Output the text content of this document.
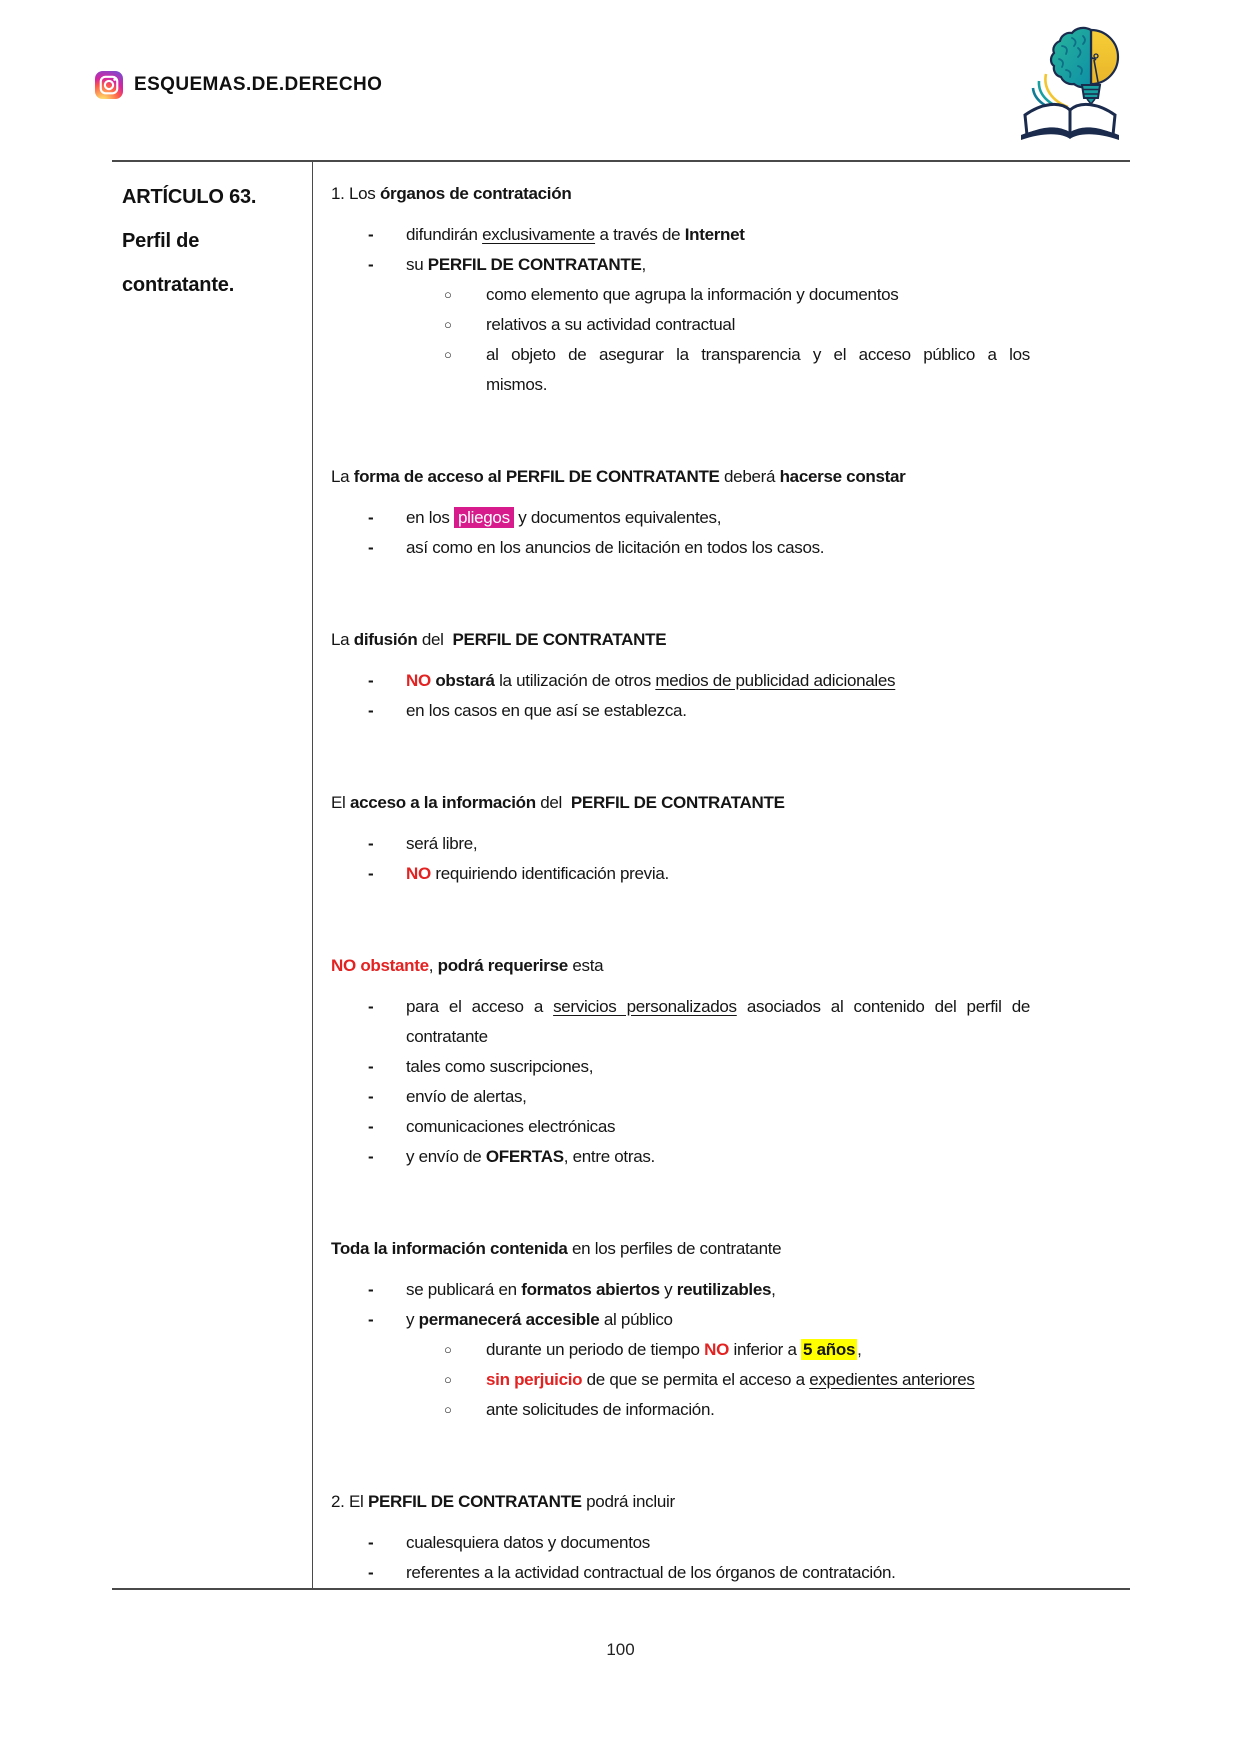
ESQUEMAS.DE.DERECHO
ARTÍCULO 63.
Perfil de
contratante.
1. Los órganos de contratación
-	difundirán exclusivamente a través de Internet
-	su PERFIL DE CONTRATANTE,
○	como elemento que agrupa la información y documentos
○	relativos a su actividad contractual
○	al objeto de asegurar la transparencia y el acceso público a los
mismos.
La forma de acceso al PERFIL DE CONTRATANTE deberá hacerse constar
-	en los pliegos y documentos equivalentes,
-	así como en los anuncios de licitación en todos los casos.
La difusión del  PERFIL DE CONTRATANTE
-	NO obstará la utilización de otros medios de publicidad adicionales
-	en los casos en que así se establezca.
El acceso a la información del  PERFIL DE CONTRATANTE
-	será libre,
-	NO requiriendo identificación previa.
NO obstante, podrá requerirse esta
-	para el acceso a servicios personalizados asociados al contenido del perfil de
contratante
-	tales como suscripciones,
-	envío de alertas,
-	comunicaciones electrónicas
-	y envío de OFERTAS, entre otras.
Toda la información contenida en los perfiles de contratante
-	se publicará en formatos abiertos y reutilizables,
-	y permanecerá accesible al público
○	durante un periodo de tiempo NO inferior a 5 años ,
○	sin perjuicio de que se permita el acceso a expedientes anteriores
○	ante solicitudes de información.
2. El PERFIL DE CONTRATANTE podrá incluir
-	cualesquiera datos y documentos
-	referentes a la actividad contractual de los órganos de contratación.
100
